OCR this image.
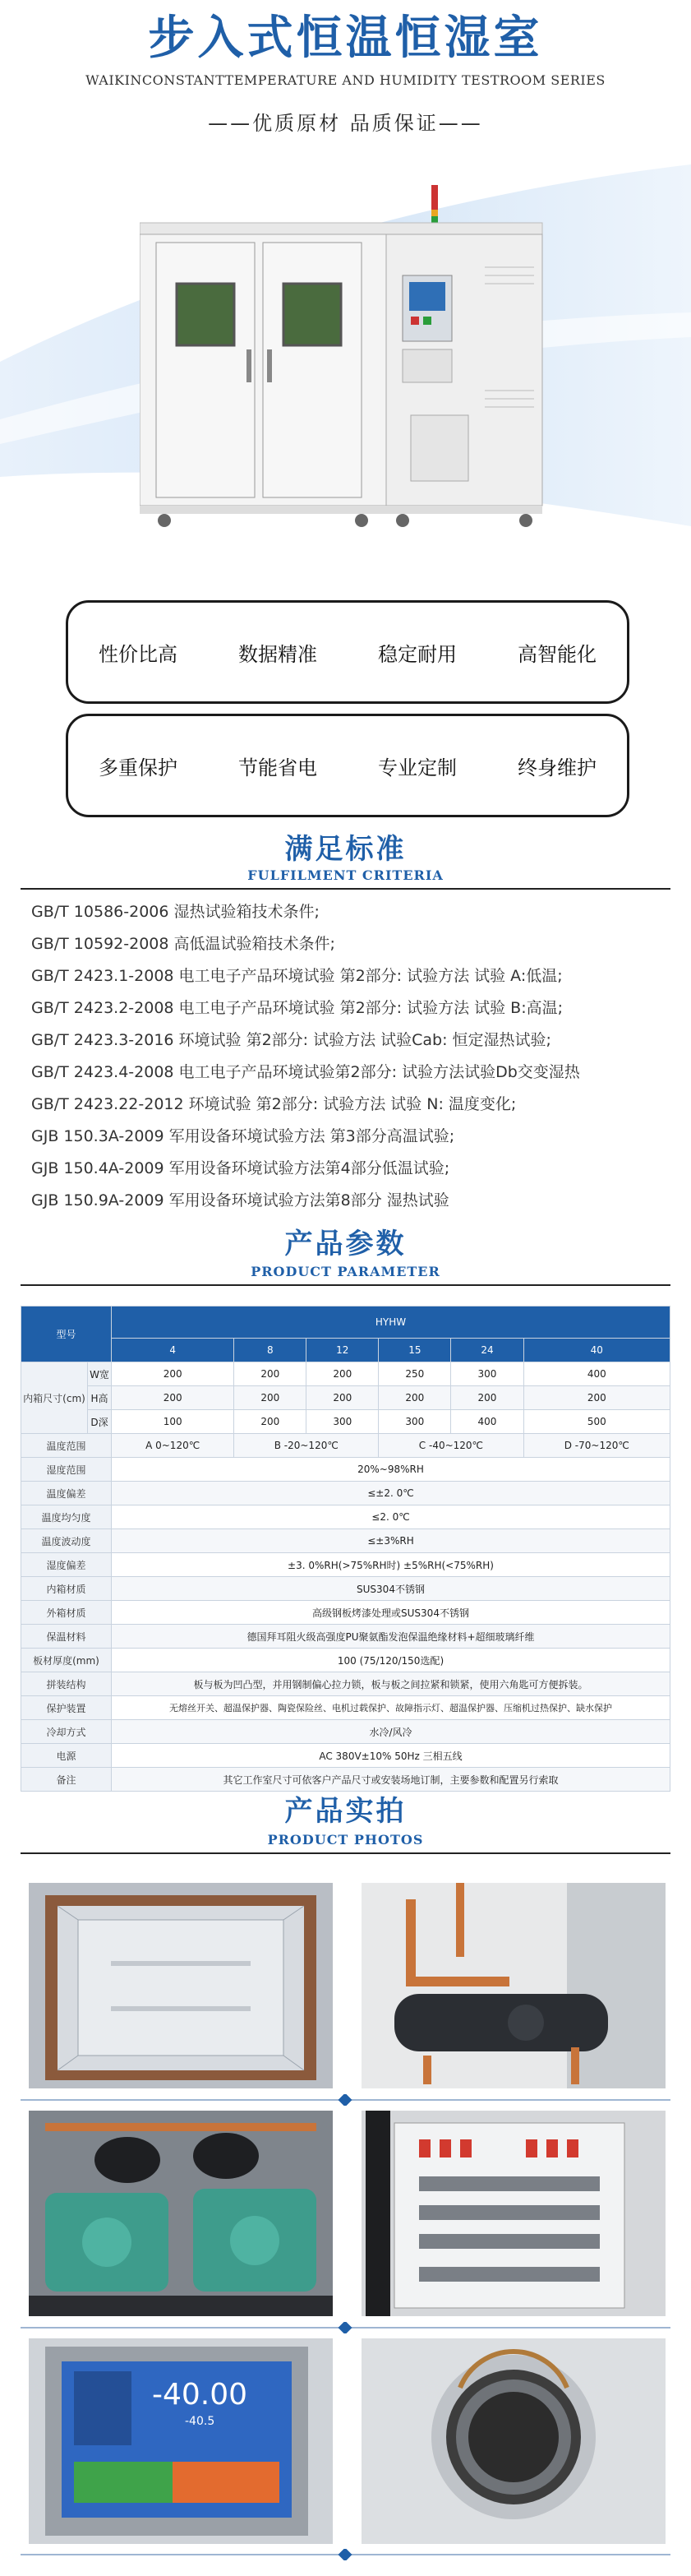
步入式恒温恒湿室
WAIKINCONSTANTTEMPERATURE AND HUMIDITY TESTROOM SERIES
——优质原材 品质保证——
性价比高	数据精准	稳定耐用	高智能化
多重保护	节能省电	专业定制	终身维护
满足标准
FULFILMENT CRITERIA
GB/T 10586-2006 湿热试验箱技术条件;
GB/T 10592-2008 高低温试验箱技术条件;
GB/T 2423.1-2008 电工电子产品环境试验 第2部分: 试验方法 试验 A:低温;
GB/T 2423.2-2008 电工电子产品环境试验 第2部分: 试验方法 试验 B:高温;
GB/T 2423.3-2016 环境试验 第2部分: 试验方法 试验Cab: 恒定湿热试验;
GB/T 2423.4-2008 电工电子产品环境试验第2部分: 试验方法试验Db交变湿热
GB/T 2423.22-2012 环境试验 第2部分: 试验方法 试验 N: 温度变化;
GJB 150.3A-2009 军用设备环境试验方法 第3部分高温试验;
GJB 150.4A-2009 军用设备环境试验方法第4部分低温试验;
GJB 150.9A-2009 军用设备环境试验方法第8部分 湿热试验
产品参数
PRODUCT PARAMETER
型号		HYHW					
		4	8	12	15	24	40
内箱尺寸(cm)	W宽	200	200	200	250	300	400
	H高	200	200	200	200	200	200
	D深	100	200	300	300	400	500
温度范围		A 0~120℃	B -20~120℃		C -40~120℃		D -70~120℃
湿度范围		20%~98%RH					
温度偏差		≤±2. 0℃					
温度均匀度		≤2. 0℃					
温度波动度		≤±3%RH					
湿度偏差		±3. 0%RH(>75%RH时) ±5%RH(<75%RH)					
内箱材质		SUS304不锈钢					
外箱材质		高级钢板烤漆处理或SUS304不锈钢					
保温材料		德国拜耳阻火级高强度PU聚氨酯发泡保温绝缘材料+超细玻璃纤维					
板材厚度(mm)		100 (75/120/150选配)					
拼装结构		板与板为凹凸型，并用钢制偏心拉力锁，板与板之间拉紧和锁紧，使用六角匙可方便拆装。					
保护装置		无熔丝开关、超温保护器、陶瓷保险丝、电机过载保护、故障指示灯、超温保护器、压缩机过热保护、缺水保护					
冷却方式		水冷/风冷					
电源		AC 380V±10% 50Hz 三相五线					
备注		其它工作室尺寸可依客户产品尺寸或安装场地订制，主要参数和配置另行索取					
产品实拍
PRODUCT PHOTOS
-40.00
-40.5
